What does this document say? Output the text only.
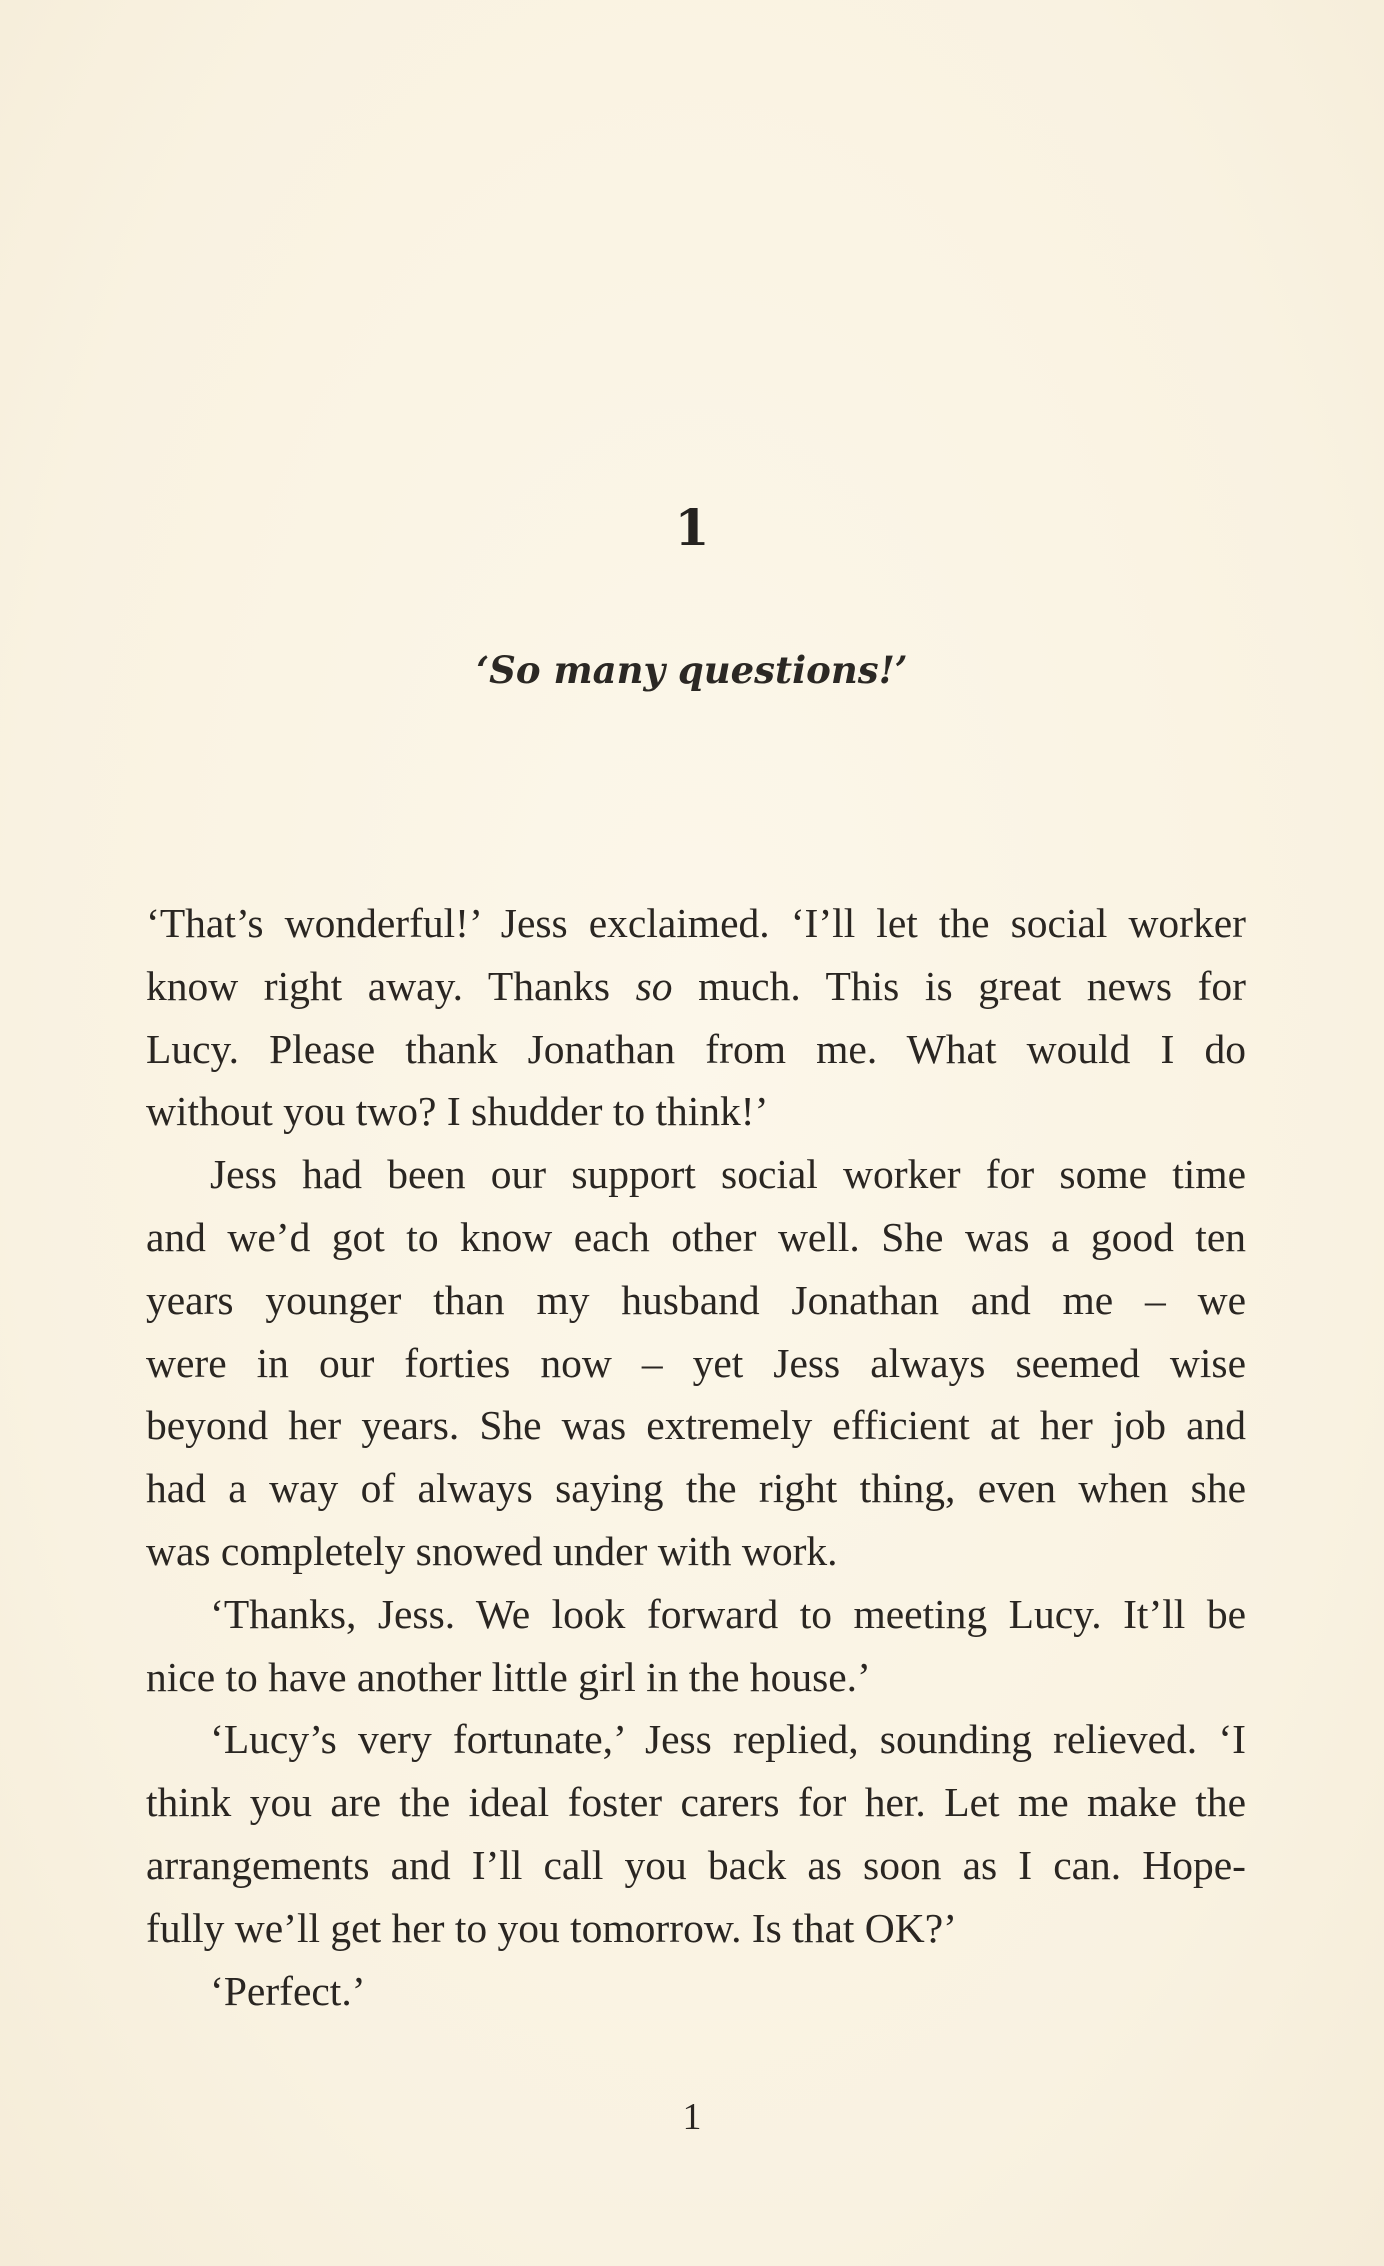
1
‘So many questions!’

‘That’s wonderful!’ Jess exclaimed. ‘I’ll let the social worker
know right away. Thanks so much. This is great news for
Lucy. Please thank Jonathan from me. What would I do
without you two? I shudder to think!’

Jess had been our support social worker for some time
and we’d got to know each other well. She was a good ten
years younger than my husband Jonathan and me – we
were in our forties now – yet Jess always seemed wise
beyond her years. She was extremely efficient at her job and
had a way of always saying the right thing, even when she
was completely snowed under with work.

‘Thanks, Jess. We look forward to meeting Lucy. It’ll be
nice to have another little girl in the house.’

‘Lucy’s very fortunate,’ Jess replied, sounding relieved. ‘I
think you are the ideal foster carers for her. Let me make the
arrangements and I’ll call you back as soon as I can. Hope-
fully we’ll get her to you tomorrow. Is that OK?’

‘Perfect.’

1
